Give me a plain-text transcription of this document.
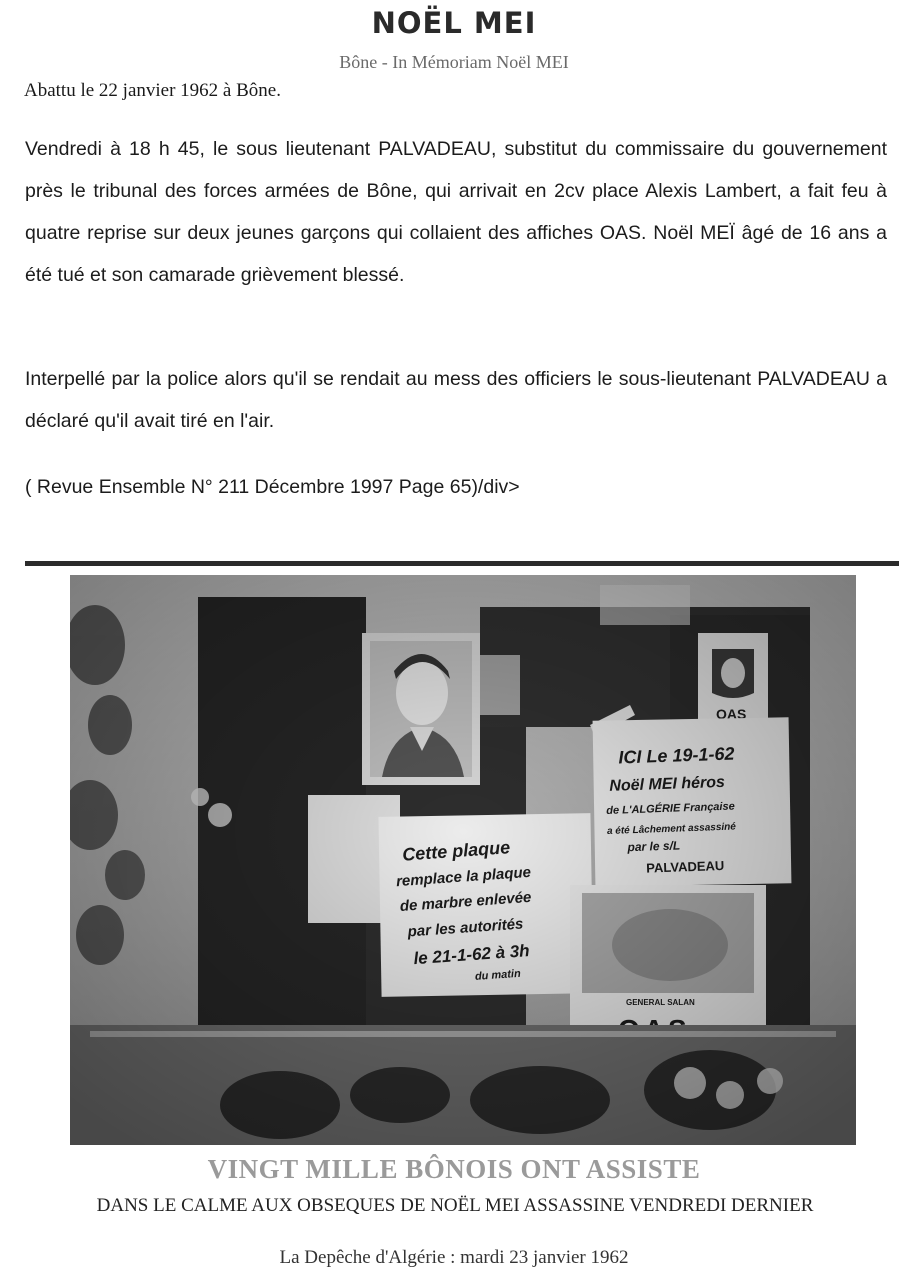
NOËL MEI
Bône - In Mémoriam Noël MEI
Abattu le 22 janvier 1962 à Bône.

Vendredi à 18 h 45, le sous lieutenant PALVADEAU, substitut du commissaire du gouvernement près le tribunal des forces armées de Bône, qui arrivait en 2cv place Alexis Lambert, a fait feu à quatre reprise sur deux jeunes garçons qui collaient des affiches OAS. Noël MEÏ âgé de 16 ans a été tué et son camarade grièvement blessé.

Interpellé par la police alors qu'il se rendait au mess des officiers le sous-lieutenant PALVADEAU a déclaré qu'il avait tiré en l'air.

( Revue Ensemble N° 211 Décembre 1997 Page 65)/div>

VINGT MILLE BÔNOIS ONT ASSISTE
DANS LE CALME AUX OBSEQUES DE NOËL MEI ASSASSINE VENDREDI DERNIER
La Depêche d'Algérie : mardi 23 janvier 1962
